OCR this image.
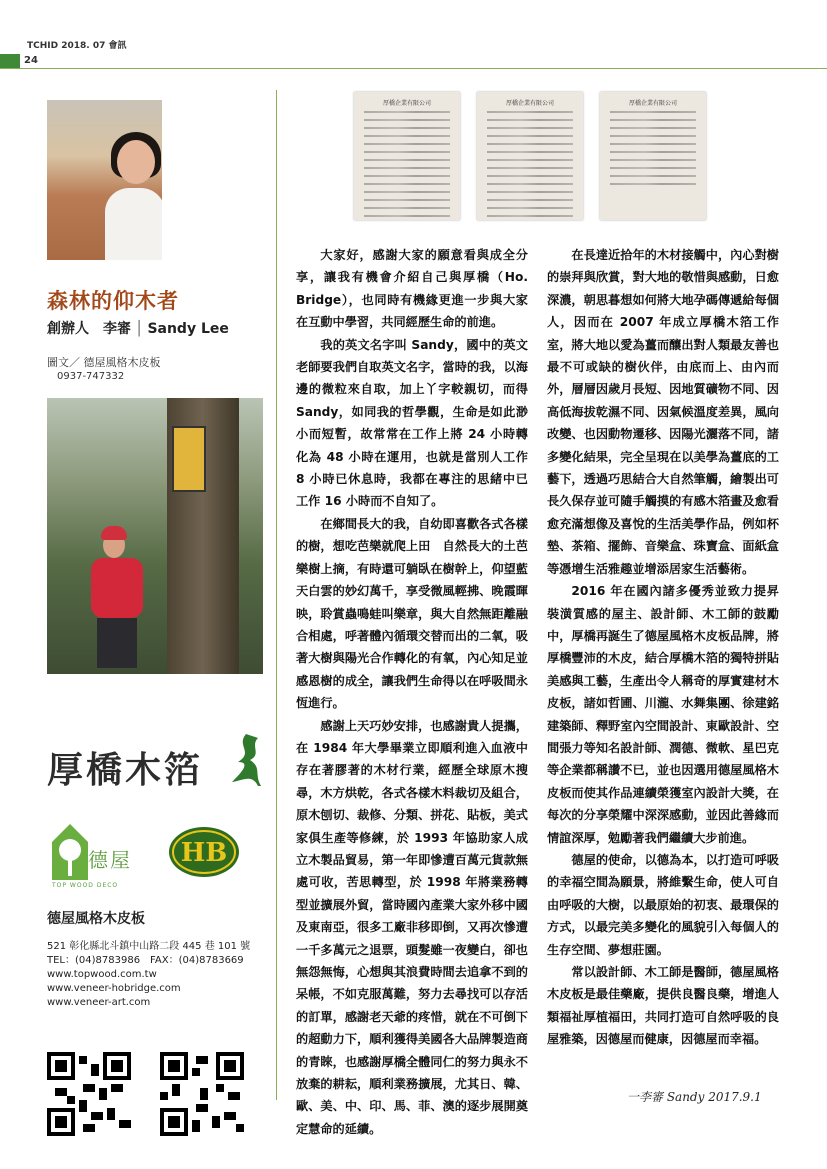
TCHID 2018. 07 會訊
24
森林的仰木者
創辦人　 李審 │ Sandy Lee
圖文／ 德屋風格木皮板
0937-747332
厚橋木箔
德屋
TOP WOOD DECO
HB
德屋風格木皮板
521 彰化縣北斗鎮中山路二段 445 巷 101 號
TEL：(04)8783986　FAX：(04)8783669
www.topwood.com.tw
www.veneer-hobridge.com
www.veneer-art.com
厚橋企業有限公司	厚橋企業有限公司	厚橋企業有限公司

大家好，感謝大家的願意看與成全分享，讓我有機會介紹自己與厚橋（Ho. Bridge），也同時有機緣更進一步與大家在互動中學習，共同經歷生命的前進。

我的英文名字叫 Sandy，國中的英文老師要我們自取英文名字，當時的我，以海邊的微粒來自取，加上丫字較親切，而得 Sandy，如同我的哲學觀，生命是如此渺小而短暫，故常常在工作上將 24 小時轉化為 48 小時在運用，也就是當別人工作 8 小時已休息時，我都在專注的思緒中已工作 16 小時而不自知了。

在鄉間長大的我，自幼即喜歡各式各樣的樹，想吃芭樂就爬上田　自然長大的土芭樂樹上摘，有時還可躺臥在樹幹上，仰望藍天白雲的妙幻萬千，享受微風輕拂、晚霞暉映，聆賞蟲鳴蛙叫樂章，與大自然無距離融合相處，呼著體內循環交替而出的二氧，吸著大樹與陽光合作轉化的有氧，內心知足並感恩樹的成全，讓我們生命得以在呼吸間永恆進行。

感謝上天巧妙安排，也感謝貴人提攜，在 1984 年大學畢業立即順利進入血液中存在著膠著的木材行業，經歷全球原木搜尋，木方烘乾，各式各樣木料裁切及組合，原木刨切、裁修、分類、拼花、貼板，美式家俱生產等修練，於 1993 年協助家人成立木製品貿易，第一年即慘遭百萬元貨款無處可收，苦思轉型，於 1998 年將業務轉型並擴展外貿，當時國內產業大家外移中國及東南亞，很多工廠非移即倒，又再次慘遭一千多萬元之退票，頭髮雖一夜變白，卻也無怨無悔，心想與其浪費時間去追拿不到的呆帳，不如克服萬難，努力去尋找可以存活的訂單，感謝老天爺的疼惜，就在不可倒下的超動力下，順利獲得美國各大品牌製造商的青睞，也感謝厚橋全體同仁的努力與永不放棄的耕耘，順利業務擴展，尤其日、韓、歐、美、中、印、馬、菲、澳的逐步展開奠定慧命的延續。

在長達近拾年的木材接觸中，內心對樹的崇拜與欣賞，對大地的敬惜與感動，日愈深濃，朝思暮想如何將大地孕碼傳遞給每個人，因而在 2007 年成立厚橋木箔工作室，將大地以愛為薑而釀出對人類最友善也最不可或缺的樹伙伴，由底而上、由內而外，層層因歲月長短、因地質礦物不同、因高低海拔乾濕不同、因氣候溫度差異，風向改變、也因動物遷移、因陽光灑落不同，諸多變化結果，完全呈現在以美學為薑底的工藝下，透過巧思結合大自然筆觸，繪製出可長久保存並可隨手觸摸的有感木箔畫及愈看愈充滿想像及喜悅的生活美學作品，例如杯墊、茶箱、擺飾、音樂盒、珠寶盒、面紙盒等憑增生活雅趣並增添居家生活藝術。

2016 年在國內諸多優秀並致力提昇裝潢質感的屋主、設計師、木工師的鼓勵中，厚橋再誕生了德屋風格木皮板品牌，將厚橋豐沛的木皮，結合厚橋木箔的獨特拼貼美感與工藝，生產出令人稱奇的厚實建材木皮板，諸如哲圃、川瀧、水舞集團、徐建銘建築師、釋野室內空間設計、東歐設計、空間張力等知名設計師、潤德、微軟、星巴克等企業都稱讚不已，並也因選用德屋風格木皮板而使其作品連續榮獲室內設計大獎，在每次的分享榮耀中深深感動，並因此善緣而情誼深厚，勉勵著我們繼續大步前進。

德屋的使命，以德為本，以打造可呼吸的幸福空間為願景，將維繫生命，使人可自由呼吸的大樹，以最原始的初衷、最環保的方式，以最完美多變化的風貌引入每個人的生存空間、夢想莊園。

常以設計師、木工師是醫師，德屋風格木皮板是最佳藥廠，提供良醫良藥，增進人類福祉厚植福田，共同打造可自然呼吸的良屋雅築，因德屋而健康，因德屋而幸福。

一李審 Sandy 2017.9.1
